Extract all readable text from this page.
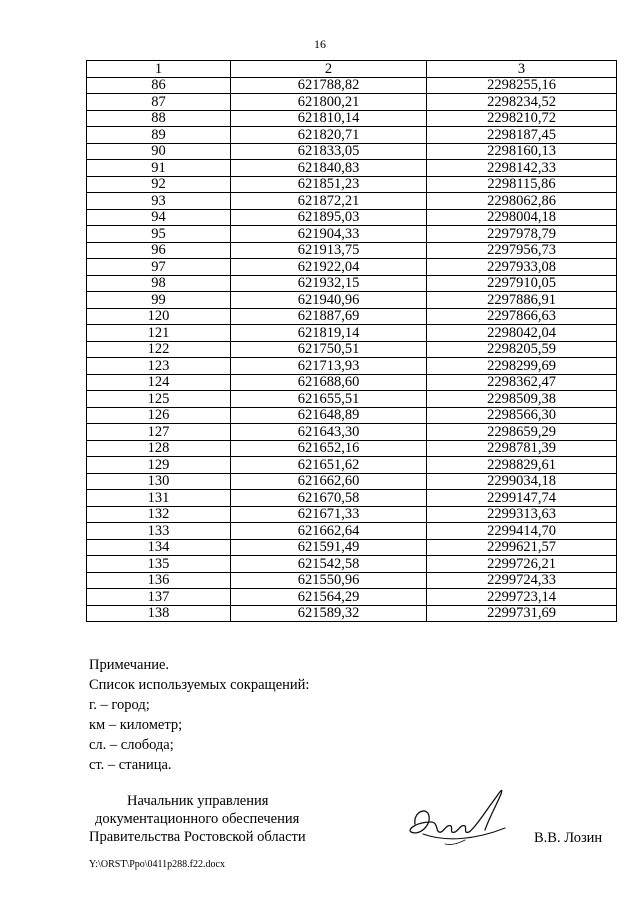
16
1	2	3
86	621788,82	2298255,16
87	621800,21	2298234,52
88	621810,14	2298210,72
89	621820,71	2298187,45
90	621833,05	2298160,13
91	621840,83	2298142,33
92	621851,23	2298115,86
93	621872,21	2298062,86
94	621895,03	2298004,18
95	621904,33	2297978,79
96	621913,75	2297956,73
97	621922,04	2297933,08
98	621932,15	2297910,05
99	621940,96	2297886,91
120	621887,69	2297866,63
121	621819,14	2298042,04
122	621750,51	2298205,59
123	621713,93	2298299,69
124	621688,60	2298362,47
125	621655,51	2298509,38
126	621648,89	2298566,30
127	621643,30	2298659,29
128	621652,16	2298781,39
129	621651,62	2298829,61
130	621662,60	2299034,18
131	621670,58	2299147,74
132	621671,33	2299313,63
133	621662,64	2299414,70
134	621591,49	2299621,57
135	621542,58	2299726,21
136	621550,96	2299724,33
137	621564,29	2299723,14
138	621589,32	2299731,69
Примечание.
Список используемых сокращений:
г. – город;
км – километр;
сл. – слобода;
ст. – станица.
Начальник управления
документационного обеспечения
Правительства Ростовской области	В.В. Лозин
Y:\ORST\Ppo\0411p288.f22.docx
